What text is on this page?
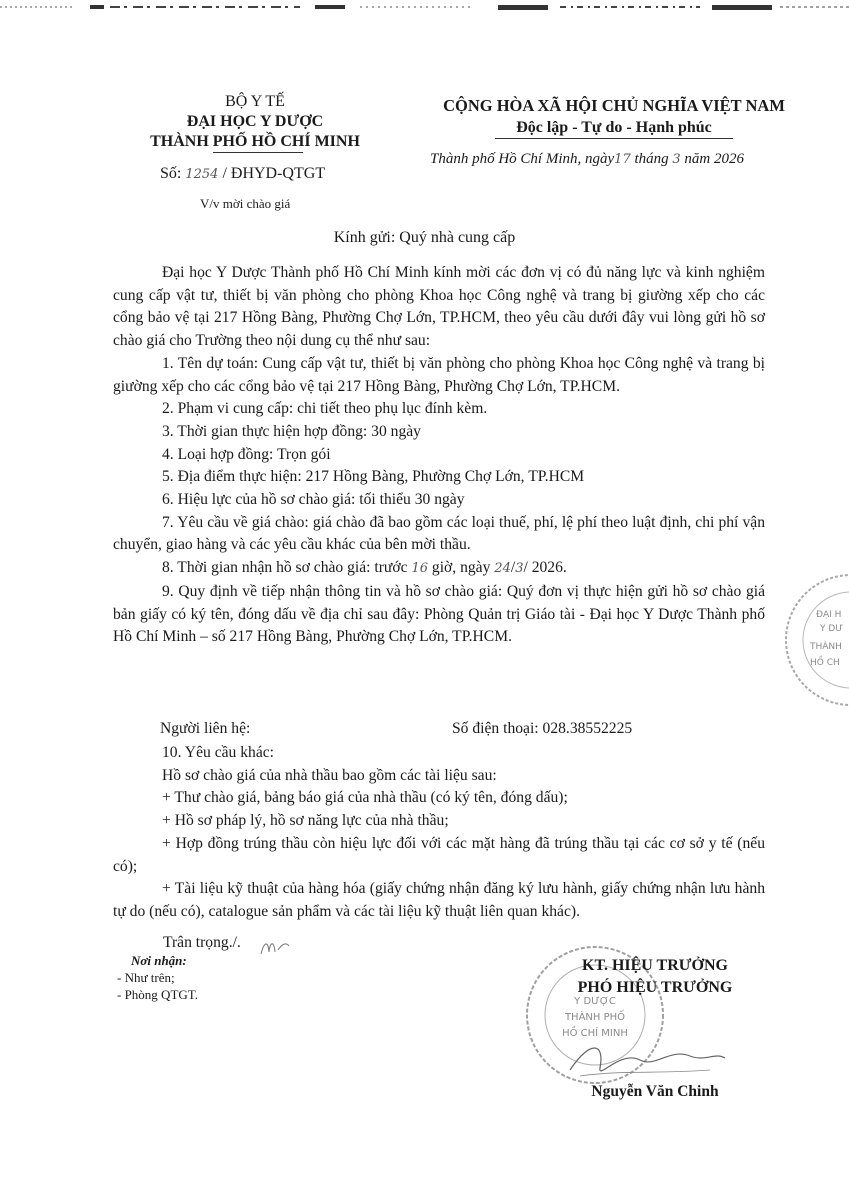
BỘ Y TẾ
ĐẠI HỌC Y DƯỢC
THÀNH PHỐ HỒ CHÍ MINH
Số: 1254 / ĐHYD-QTGT
V/v mời chào giá
CỘNG HÒA XÃ HỘI CHỦ NGHĨA VIỆT NAM
Độc lập - Tự do - Hạnh phúc
Thành phố Hồ Chí Minh, ngày17 tháng 3 năm 2026
Kính gửi: Quý nhà cung cấp

Đại học Y Dược Thành phố Hồ Chí Minh kính mời các đơn vị có đủ năng lực và kinh nghiệm cung cấp vật tư, thiết bị văn phòng cho phòng Khoa học Công nghệ và trang bị giường xếp cho các cổng bảo vệ tại 217 Hồng Bàng, Phường Chợ Lớn, TP.HCM, theo yêu cầu dưới đây vui lòng gửi hồ sơ chào giá cho Trường theo nội dung cụ thể như sau:

1. Tên dự toán: Cung cấp vật tư, thiết bị văn phòng cho phòng Khoa học Công nghệ và trang bị giường xếp cho các cổng bảo vệ tại 217 Hồng Bàng, Phường Chợ Lớn, TP.HCM.

2. Phạm vi cung cấp: chi tiết theo phụ lục đính kèm.

3. Thời gian thực hiện hợp đồng: 30 ngày

4. Loại hợp đồng: Trọn gói

5. Địa điểm thực hiện: 217 Hồng Bàng, Phường Chợ Lớn, TP.HCM

6. Hiệu lực của hồ sơ chào giá: tối thiểu 30 ngày

7. Yêu cầu về giá chào: giá chào đã bao gồm các loại thuế, phí, lệ phí theo luật định, chi phí vận chuyển, giao hàng và các yêu cầu khác của bên mời thầu.

8. Thời gian nhận hồ sơ chào giá: trước 16 giờ, ngày 24/3/ 2026.

9. Quy định về tiếp nhận thông tin và hồ sơ chào giá: Quý đơn vị thực hiện gửi hồ sơ chào giá bản giấy có ký tên, đóng dấu về địa chỉ sau đây: Phòng Quản trị Giáo tài - Đại học Y Dược Thành phố Hồ Chí Minh – số 217 Hồng Bàng, Phường Chợ Lớn, TP.HCM.

Người liên hệ:	Số điện thoại: 028.38552225

10. Yêu cầu khác:

Hồ sơ chào giá của nhà thầu bao gồm các tài liệu sau:

+ Thư chào giá, bảng báo giá của nhà thầu (có ký tên, đóng dấu);

+ Hồ sơ pháp lý, hồ sơ năng lực của nhà thầu;

+ Hợp đồng trúng thầu còn hiệu lực đối với các mặt hàng đã trúng thầu tại các cơ sở y tế (nếu có);

+ Tài liệu kỹ thuật của hàng hóa (giấy chứng nhận đăng ký lưu hành, giấy chứng nhận lưu hành tự do (nếu có), catalogue sản phẩm và các tài liệu kỹ thuật liên quan khác).

Trân trọng./.
Nơi nhận:
- Như trên;
- Phòng QTGT.	Y DƯỢC
THÀNH PHỐ
HỒ CHÍ MINH
ĐẠI H
Y DƯ
THÀNH
HỒ CH
KT. HIỆU TRƯỞNG
PHÓ HIỆU TRƯỞNG
Nguyễn Văn Chinh
